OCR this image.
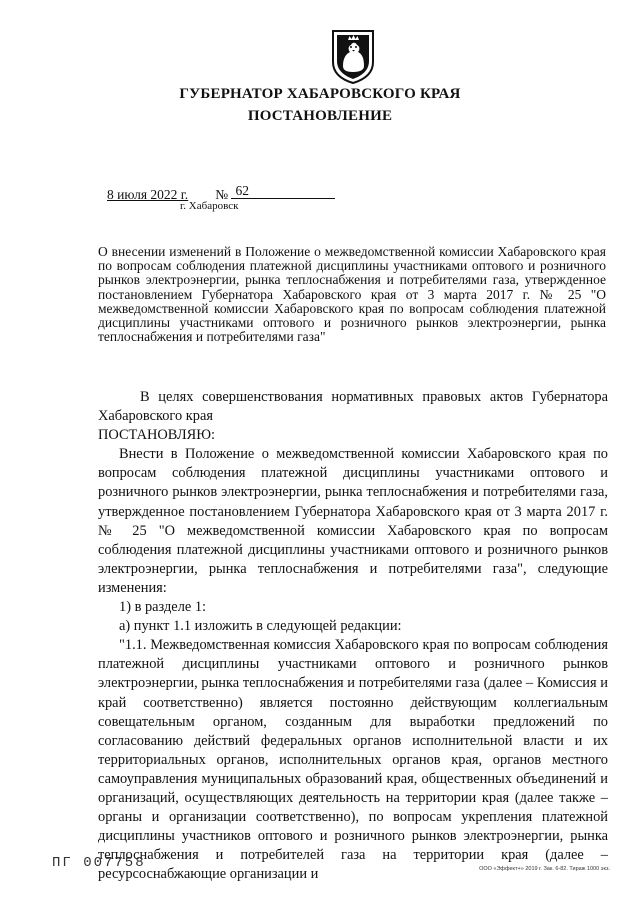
ГУБЕРНАТОР ХАБАРОВСКОГО КРАЯ
ПОСТАНОВЛЕНИЕ
8 июля 2022 г. № 62
г. Хабаровск
О внесении изменений в Положение о межведомственной комиссии Хабаровского края по вопросам соблюдения платежной дисциплины участниками оптового и розничного рынков электроэнергии, рынка теплоснабжения и потребителями газа, утвержденное постановлением Губернатора Хабаровского края от 3 марта 2017 г. № 25 "О межведомственной комиссии Хабаровского края по вопросам соблюдения платежной дисциплины участниками оптового и розничного рынков электроэнергии, рынка теплоснабжения и потребителями газа"

В целях совершенствования нормативных правовых актов Губернатора Хабаровского края

ПОСТАНОВЛЯЮ:

Внести в Положение о межведомственной комиссии Хабаровского края по вопросам соблюдения платежной дисциплины участниками оптового и розничного рынков электроэнергии, рынка теплоснабжения и потребителями газа, утвержденное постановлением Губернатора Хабаровского края от 3 марта 2017 г. № 25 "О межведомственной комиссии Хабаровского края по вопросам соблюдения платежной дисциплины участниками оптового и розничного рынков электроэнергии, рынка теплоснабжения и потребителями газа", следующие изменения:

1) в разделе 1:

а) пункт 1.1 изложить в следующей редакции:

"1.1. Межведомственная комиссия Хабаровского края по вопросам соблюдения платежной дисциплины участниками оптового и розничного рынков электроэнергии, рынка теплоснабжения и потребителями газа (далее – Комиссия и край соответственно) является постоянно действующим коллегиальным совещательным органом, созданным для выработки предложений по согласованию действий федеральных органов исполнительной власти и их территориальных органов, исполнительных органов края, органов местного самоуправления муниципальных образований края, общественных объединений и организаций, осуществляющих деятельность на территории края (далее также – органы и организации соответственно), по вопросам укрепления платежной дисциплины участников оптового и розничного рынков электроэнергии, рынка теплоснабжения и потребителей газа на территории края (далее – ресурсоснабжающие организации и

ПГ 007758	ООО «Эффект+» 2019 г. Зак. 6-82. Тираж 1000 экз.
